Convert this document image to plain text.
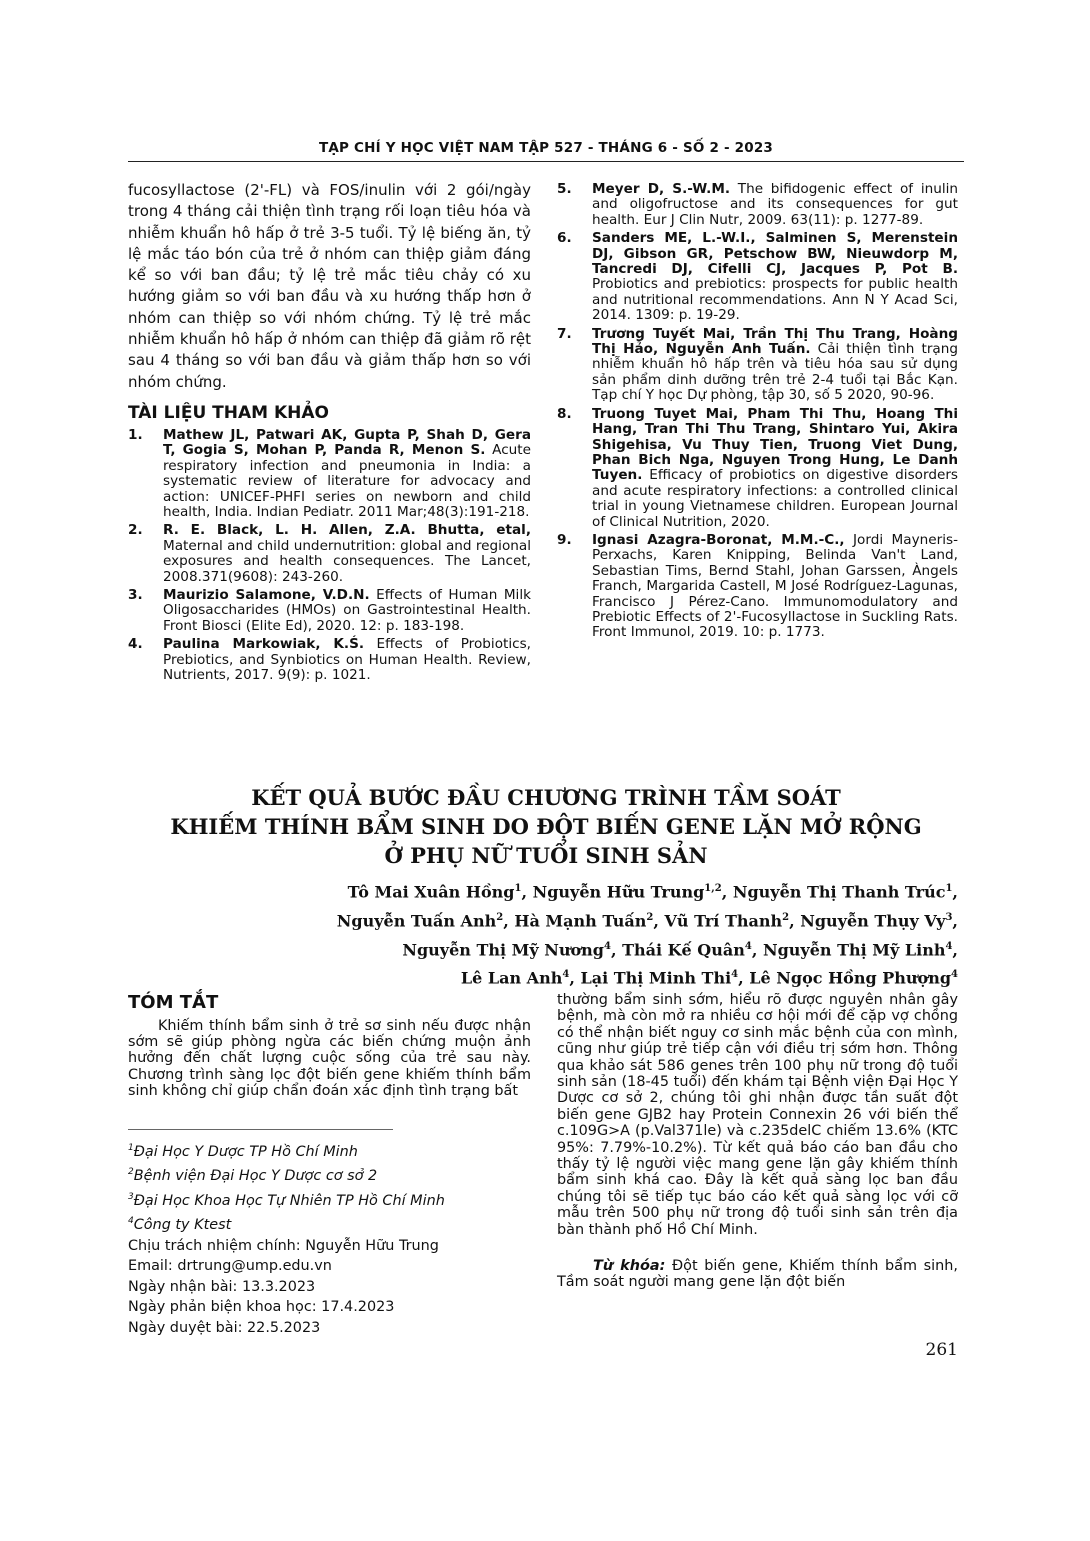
TẠP CHÍ Y HỌC VIỆT NAM TẬP 527 - THÁNG 6 - SỐ 2 - 2023

fucosyllactose (2'-FL) và FOS/inulin với 2 gói/ngày trong 4 tháng cải thiện tình trạng rối loạn tiêu hóa và nhiễm khuẩn hô hấp ở trẻ 3-5 tuổi. Tỷ lệ biếng ăn, tỷ lệ mắc táo bón của trẻ ở nhóm can thiệp giảm đáng kể so với ban đầu; tỷ lệ trẻ mắc tiêu chảy có xu hướng giảm so với ban đầu và xu hướng thấp hơn ở nhóm can thiệp so với nhóm chứng. Tỷ lệ trẻ mắc nhiễm khuẩn hô hấp ở nhóm can thiệp đã giảm rõ rệt sau 4 tháng so với ban đầu và giảm thấp hơn so với nhóm chứng.

TÀI LIỆU THAM KHẢO
1. Mathew JL, Patwari AK, Gupta P, Shah D, Gera T, Gogia S, Mohan P, Panda R, Menon S. Acute respiratory infection and pneumonia in India: a systematic review of literature for advocacy and action: UNICEF-PHFI series on newborn and child health, India. Indian Pediatr. 2011 Mar;48(3):191-218.
2. R. E. Black, L. H. Allen, Z.A. Bhutta, etal, Maternal and child undernutrition: global and regional exposures and health consequences. The Lancet, 2008.371(9608): 243-260.
3. Maurizio Salamone, V.D.N. Effects of Human Milk Oligosaccharides (HMOs) on Gastrointestinal Health. Front Biosci (Elite Ed), 2020. 12: p. 183-198.
4. Paulina Markowiak, K.Ś. Effects of Probiotics, Prebiotics, and Synbiotics on Human Health. Review, Nutrients, 2017. 9(9): p. 1021.
5. Meyer D, S.-W.M. The bifidogenic effect of inulin and oligofructose and its consequences for gut health. Eur J Clin Nutr, 2009. 63(11): p. 1277-89.
6. Sanders ME, L.-W.I., Salminen S, Merenstein DJ, Gibson GR, Petschow BW, Nieuwdorp M, Tancredi DJ, Cifelli CJ, Jacques P, Pot B. Probiotics and prebiotics: prospects for public health and nutritional recommendations. Ann N Y Acad Sci, 2014. 1309: p. 19-29.
7. Trương Tuyết Mai, Trần Thị Thu Trang, Hoàng Thị Hảo, Nguyễn Anh Tuấn. Cải thiện tình trạng nhiễm khuẩn hô hấp trên và tiêu hóa sau sử dụng sản phẩm dinh dưỡng trên trẻ 2-4 tuổi tại Bắc Kạn. Tạp chí Y học Dự phòng, tập 30, số 5 2020, 90-96.
8. Truong Tuyet Mai, Pham Thi Thu, Hoang Thi Hang, Tran Thi Thu Trang, Shintaro Yui, Akira Shigehisa, Vu Thuy Tien, Truong Viet Dung, Phan Bich Nga, Nguyen Trong Hung, Le Danh Tuyen. Efficacy of probiotics on digestive disorders and acute respiratory infections: a controlled clinical trial in young Vietnamese children. European Journal of Clinical Nutrition, 2020.
9. Ignasi Azagra-Boronat, M.M.-C., Jordi Mayneris-Perxachs, Karen Knipping, Belinda Van't Land, Sebastian Tims, Bernd Stahl, Johan Garssen, Àngels Franch, Margarida Castell, M José Rodríguez-Lagunas, Francisco J Pérez-Cano. Immunomodulatory and Prebiotic Effects of 2'-Fucosyllactose in Suckling Rats. Front Immunol, 2019. 10: p. 1773.
KẾT QUẢ BƯỚC ĐẦU CHƯƠNG TRÌNH TẦM SOÁT
KHIẾM THÍNH BẨM SINH DO ĐỘT BIẾN GENE LẶN MỞ RỘNG
Ở PHỤ NỮ TUỔI SINH SẢN

Tô Mai Xuân Hồng$^1$, Nguyễn Hữu Trung$^{1,2}$, Nguyễn Thị Thanh Trúc$^1$,
Nguyễn Tuấn Anh$^2$, Hà Mạnh Tuấn$^2$, Vũ Trí Thanh$^2$, Nguyễn Thụy Vy$^3$,
Nguyễn Thị Mỹ Nương$^4$, Thái Kế Quân$^4$, Nguyễn Thị Mỹ Linh$^4$,
Lê Lan Anh$^4$, Lại Thị Minh Thi$^4$, Lê Ngọc Hồng Phượng$^4$

TÓM TẮT

Khiếm thính bẩm sinh ở trẻ sơ sinh nếu được nhận sớm sẽ giúp phòng ngừa các biến chứng muộn ảnh hưởng đến chất lượng cuộc sống của trẻ sau này. Chương trình sàng lọc đột biến gene khiếm thính bẩm sinh không chỉ giúp chẩn đoán xác định tình trạng bất

$^1$Đại Học Y Dược TP Hồ Chí Minh
$^2$Bệnh viện Đại Học Y Dược cơ sở 2
$^3$Đại Học Khoa Học Tự Nhiên TP Hồ Chí Minh
$^4$Công ty Ktest
Chịu trách nhiệm chính: Nguyễn Hữu Trung
Email: drtrung@ump.edu.vn
Ngày nhận bài: 13.3.2023
Ngày phản biện khoa học: 17.4.2023
Ngày duyệt bài: 22.5.2023

thường bẩm sinh sớm, hiểu rõ được nguyên nhân gây bệnh, mà còn mở ra nhiều cơ hội mới để cặp vợ chồng có thể nhận biết nguy cơ sinh mắc bệnh của con mình, cũng như giúp trẻ tiếp cận với điều trị sớm hơn. Thông qua khảo sát 586 genes trên 100 phụ nữ trong độ tuổi sinh sản (18-45 tuổi) đến khám tại Bệnh viện Đại Học Y Dược cơ sở 2, chúng tôi ghi nhận được tần suất đột biến gene GJB2 hay Protein Connexin 26 với biến thể c.109G>A (p.Val371le) và c.235delC chiếm 13.6% (KTC 95%: 7.79%-10.2%). Từ kết quả báo cáo ban đầu cho thấy tỷ lệ người việc mang gene lặn gây khiếm thính bẩm sinh khá cao. Đây là kết quả sàng lọc ban đầu chúng tôi sẽ tiếp tục báo cáo kết quả sàng lọc với cỡ mẫu trên 500 phụ nữ trong độ tuổi sinh sản trên địa bàn thành phố Hồ Chí Minh.

Từ khóa: Đột biến gene, Khiếm thính bẩm sinh, Tầm soát người mang gene lặn đột biến

261
